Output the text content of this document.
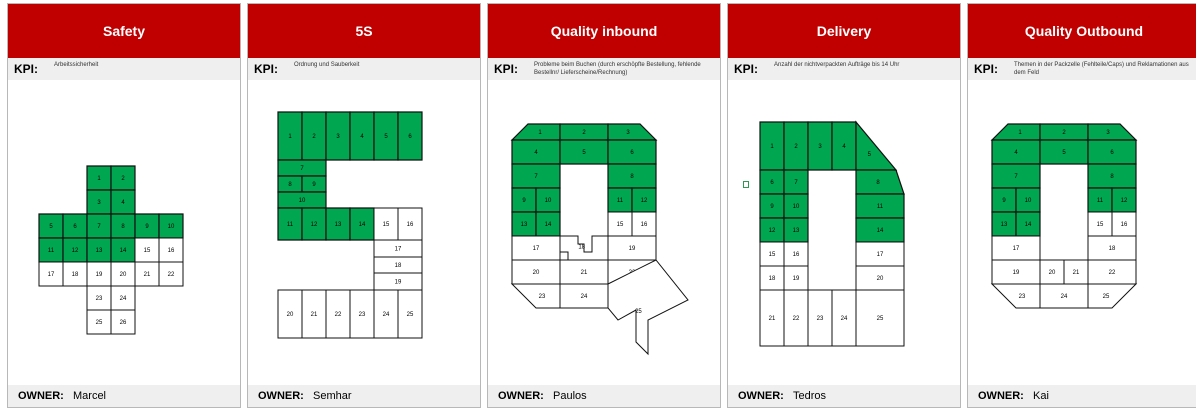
Safety
KPI:	Arbeitssicherheit
1	2
3	4
5	6	7	8	9	10
11	12	13	14	15	16
17	18	19	20	21	22
23	24
25	26
OWNER: Marcel
5S
KPI:	Ordnung und Sauberkeit
1	2	3	4	5	6
7
8	9
10
11	12	13	14	15	16
17
18
19
20	21	22	23	24	25
OWNER: Semhar
Quality inbound
KPI:	Probleme beim Buchen (durch erschöpfte Bestellung, fehlende Bestellnr/ Lieferscheine/Rechnung)
1	2	3
4	5	6
7	8
9	10	11	12
13	14	15	16
17	18	19
20	21
23	24
25
OWNER: Paulos
Delivery
KPI:	Anzahl der nichtverpackten Aufträge bis 14 Uhr
1	2	3	4
5
6	7	8
9	10	11
12	13	14
15	16	17
18	19	20
21	22	23	24	25
OWNER: Tedros
Quality Outbound
KPI:	Themen in der Packzelle (Fehlteile/Caps) und Reklamationen aus dem Feld
1	2	3
4	5	6
7	8
9	10	11	12
13	14	15	16
17	18
19	20	21	22
23	24	25
OWNER: Kai
